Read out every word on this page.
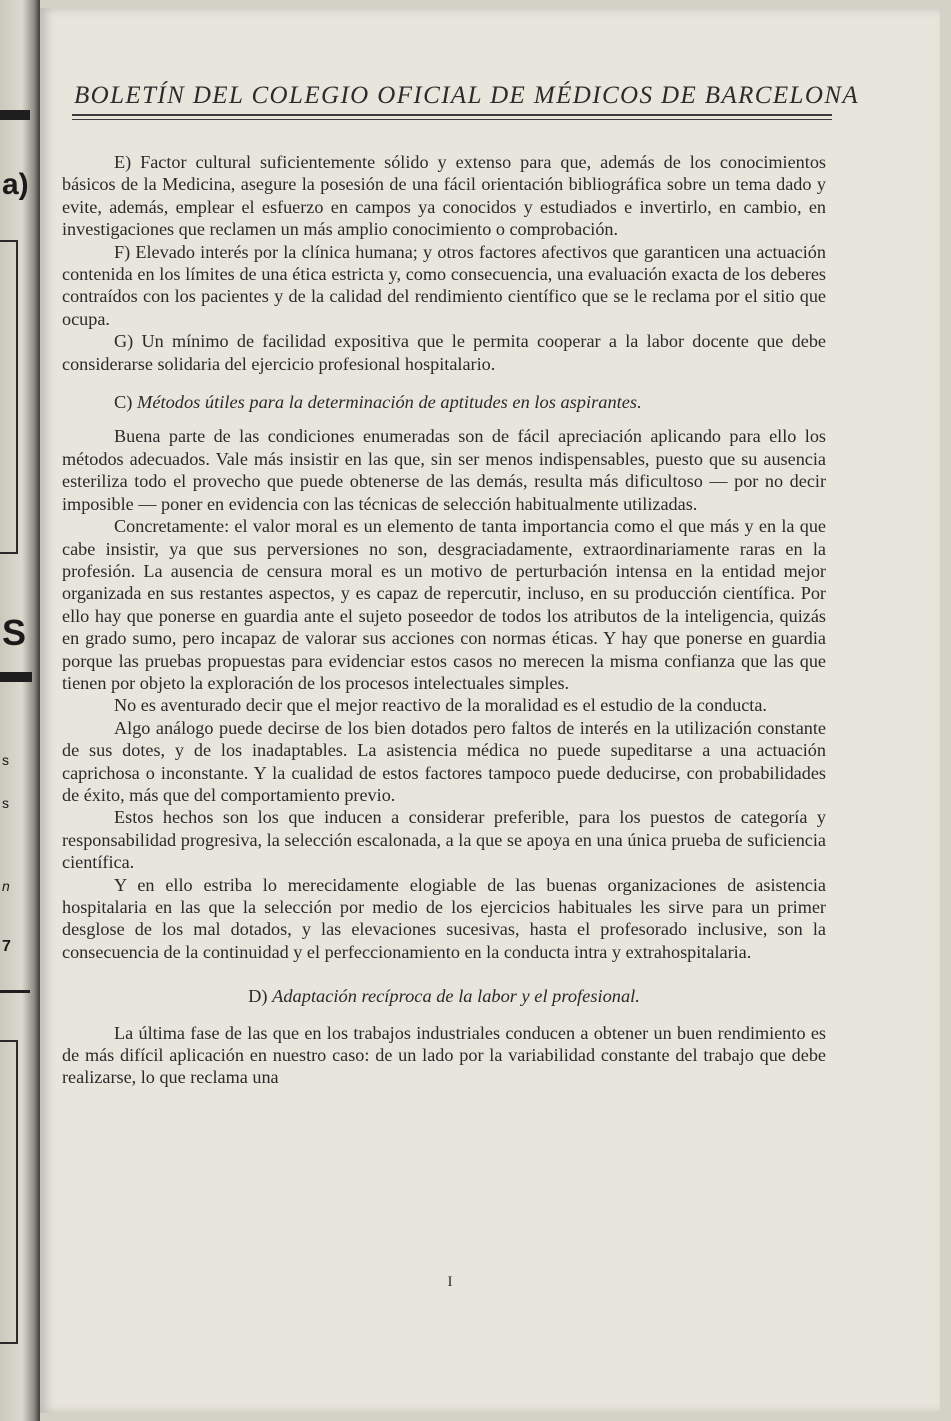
a)
S
s
s
n
7
BOLETÍN DEL COLEGIO OFICIAL DE MÉDICOS DE BARCELONA

E) Factor cultural suficientemente sólido y extenso para que, además de los conocimientos básicos de la Medicina, asegure la posesión de una fácil orientación bibliográfica sobre un tema dado y evite, además, emplear el esfuerzo en campos ya conocidos y estudiados e invertirlo, en cambio, en investigaciones que reclamen un más amplio conocimiento o comprobación.

F) Elevado interés por la clínica humana; y otros factores afectivos que garanticen una actuación contenida en los límites de una ética estricta y, como consecuencia, una evaluación exacta de los deberes contraídos con los pacientes y de la calidad del rendimiento científico que se le reclama por el sitio que ocupa.

G) Un mínimo de facilidad expositiva que le permita cooperar a la labor docente que debe considerarse solidaria del ejercicio profesional hospitalario.

C) Métodos útiles para la determinación de aptitudes en los aspirantes.

Buena parte de las condiciones enumeradas son de fácil apreciación aplicando para ello los métodos adecuados. Vale más insistir en las que, sin ser menos indispensables, puesto que su ausencia esteriliza todo el provecho que puede obtenerse de las demás, resulta más dificultoso — por no decir imposible — poner en evidencia con las técnicas de selección habitualmente utilizadas.

Concretamente: el valor moral es un elemento de tanta importancia como el que más y en la que cabe insistir, ya que sus perversiones no son, desgraciadamente, extraordinariamente raras en la profesión. La ausencia de censura moral es un motivo de perturbación intensa en la entidad mejor organizada en sus restantes aspectos, y es capaz de repercutir, incluso, en su producción científica. Por ello hay que ponerse en guardia ante el sujeto poseedor de todos los atributos de la inteligencia, quizás en grado sumo, pero incapaz de valorar sus acciones con normas éticas. Y hay que ponerse en guardia porque las pruebas propuestas para evidenciar estos casos no merecen la misma confianza que las que tienen por objeto la exploración de los procesos intelectuales simples.

No es aventurado decir que el mejor reactivo de la moralidad es el estudio de la conducta.

Algo análogo puede decirse de los bien dotados pero faltos de interés en la utilización constante de sus dotes, y de los inadaptables. La asistencia médica no puede supeditarse a una actuación caprichosa o inconstante. Y la cualidad de estos factores tampoco puede deducirse, con probabilidades de éxito, más que del comportamiento previo.

Estos hechos son los que inducen a considerar preferible, para los puestos de categoría y responsabilidad progresiva, la selección escalonada, a la que se apoya en una única prueba de suficiencia científica.

Y en ello estriba lo merecidamente elogiable de las buenas organizaciones de asistencia hospitalaria en las que la selección por medio de los ejercicios habituales les sirve para un primer desglose de los mal dotados, y las elevaciones sucesivas, hasta el profesorado inclusive, son la consecuencia de la continuidad y el perfeccionamiento en la conducta intra y extrahospitalaria.

D) Adaptación recíproca de la labor y el profesional.

La última fase de las que en los trabajos industriales conducen a obtener un buen rendimiento es de más difícil aplicación en nuestro caso: de un lado por la variabilidad constante del trabajo que debe realizarse, lo que reclama una

I
